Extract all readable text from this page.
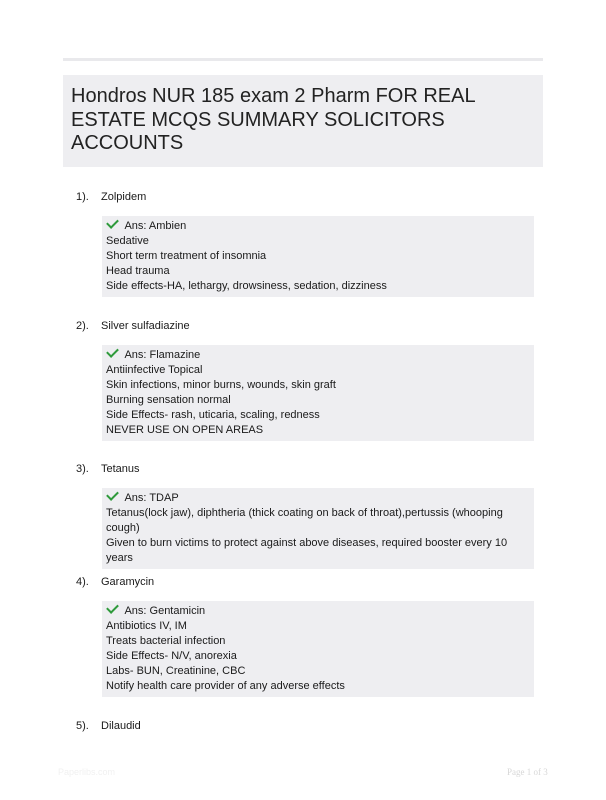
Hondros NUR 185 exam 2 Pharm FOR REAL ESTATE MCQS SUMMARY SOLICITORS ACCOUNTS
1). Zolpidem
Ans: Ambien
Sedative
Short term treatment of insomnia
Head trauma
Side effects-HA, lethargy, drowsiness, sedation, dizziness
2). Silver sulfadiazine
Ans: Flamazine
Antiinfective Topical
Skin infections, minor burns, wounds, skin graft
Burning sensation normal
Side Effects- rash, uticaria, scaling, redness
NEVER USE ON OPEN AREAS
3). Tetanus
Ans: TDAP
Tetanus(lock jaw), diphtheria (thick coating on back of throat),pertussis (whooping cough)
Given to burn victims to protect against above diseases, required booster every 10 years
4). Garamycin
Ans: Gentamicin
Antibiotics IV, IM
Treats bacterial infection
Side Effects- N/V, anorexia
Labs- BUN, Creatinine, CBC
Notify health care provider of any adverse effects
5). Dilaudid
Paperlibs.com	Page 1 of 3
